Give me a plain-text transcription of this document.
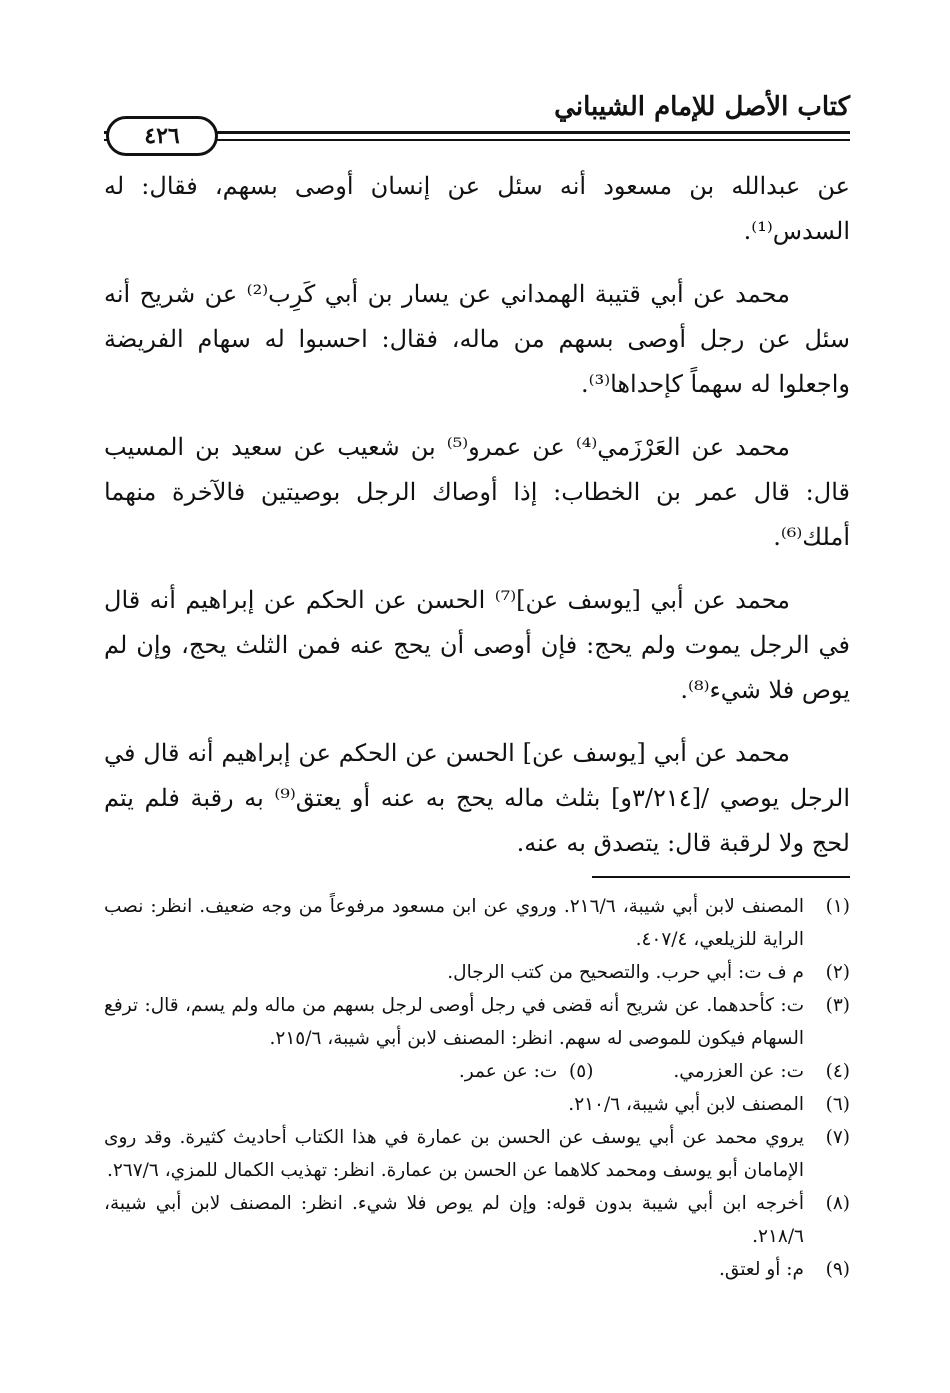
كتاب الأصل للإمام الشيباني
٤٢٦

عن عبدالله بن مسعود أنه سئل عن إنسان أوصى بسهم، فقال: له السدس⁽¹⁾.

محمد عن أبي قتيبة الهمداني عن يسار بن أبي كَرِب⁽²⁾ عن شريح أنه سئل عن رجل أوصى بسهم من ماله، فقال: احسبوا له سهام الفريضة واجعلوا له سهماً كإحداها⁽³⁾.

محمد عن العَرْزَمي⁽⁴⁾ عن عمرو⁽⁵⁾ بن شعيب عن سعيد بن المسيب قال: قال عمر بن الخطاب: إذا أوصاك الرجل بوصيتين فالآخرة منهما أملك⁽⁶⁾.

محمد عن أبي [يوسف عن]⁽⁷⁾ الحسن عن الحكم عن إبراهيم أنه قال في الرجل يموت ولم يحج: فإن أوصى أن يحج عنه فمن الثلث يحج، وإن لم يوص فلا شيء⁽⁸⁾.

محمد عن أبي [يوسف عن] الحسن عن الحكم عن إبراهيم أنه قال في الرجل يوصي /[٣/٢١٤و] بثلث ماله يحج به عنه أو يعتق⁽⁹⁾ به رقبة فلم يتم لحج ولا لرقبة قال: يتصدق به عنه.

(١)
المصنف لابن أبي شيبة، ٢١٦/٦. وروي عن ابن مسعود مرفوعاً من وجه ضعيف. انظر: نصب الراية للزيلعي، ٤٠٧/٤.
(٢)
م ف ت: أبي حرب. والتصحيح من كتب الرجال.
(٣)
ت: كأحدهما. عن شريح أنه قضى في رجل أوصى لرجل بسهم من ماله ولم يسم، قال: ترفع السهام فيكون للموصى له سهم. انظر: المصنف لابن أبي شيبة، ٢١٥/٦.
(٤)
ت: عن العزرمي.(٥)  ت: عن عمر.
(٦)
المصنف لابن أبي شيبة، ٢١٠/٦.
(٧)
يروي محمد عن أبي يوسف عن الحسن بن عمارة في هذا الكتاب أحاديث كثيرة. وقد روى الإمامان أبو يوسف ومحمد كلاهما عن الحسن بن عمارة. انظر: تهذيب الكمال للمزي، ٢٦٧/٦.
(٨)
أخرجه ابن أبي شيبة بدون قوله: وإن لم يوص فلا شيء. انظر: المصنف لابن أبي شيبة، ٢١٨/٦.
(٩)
م: أو لعتق.
